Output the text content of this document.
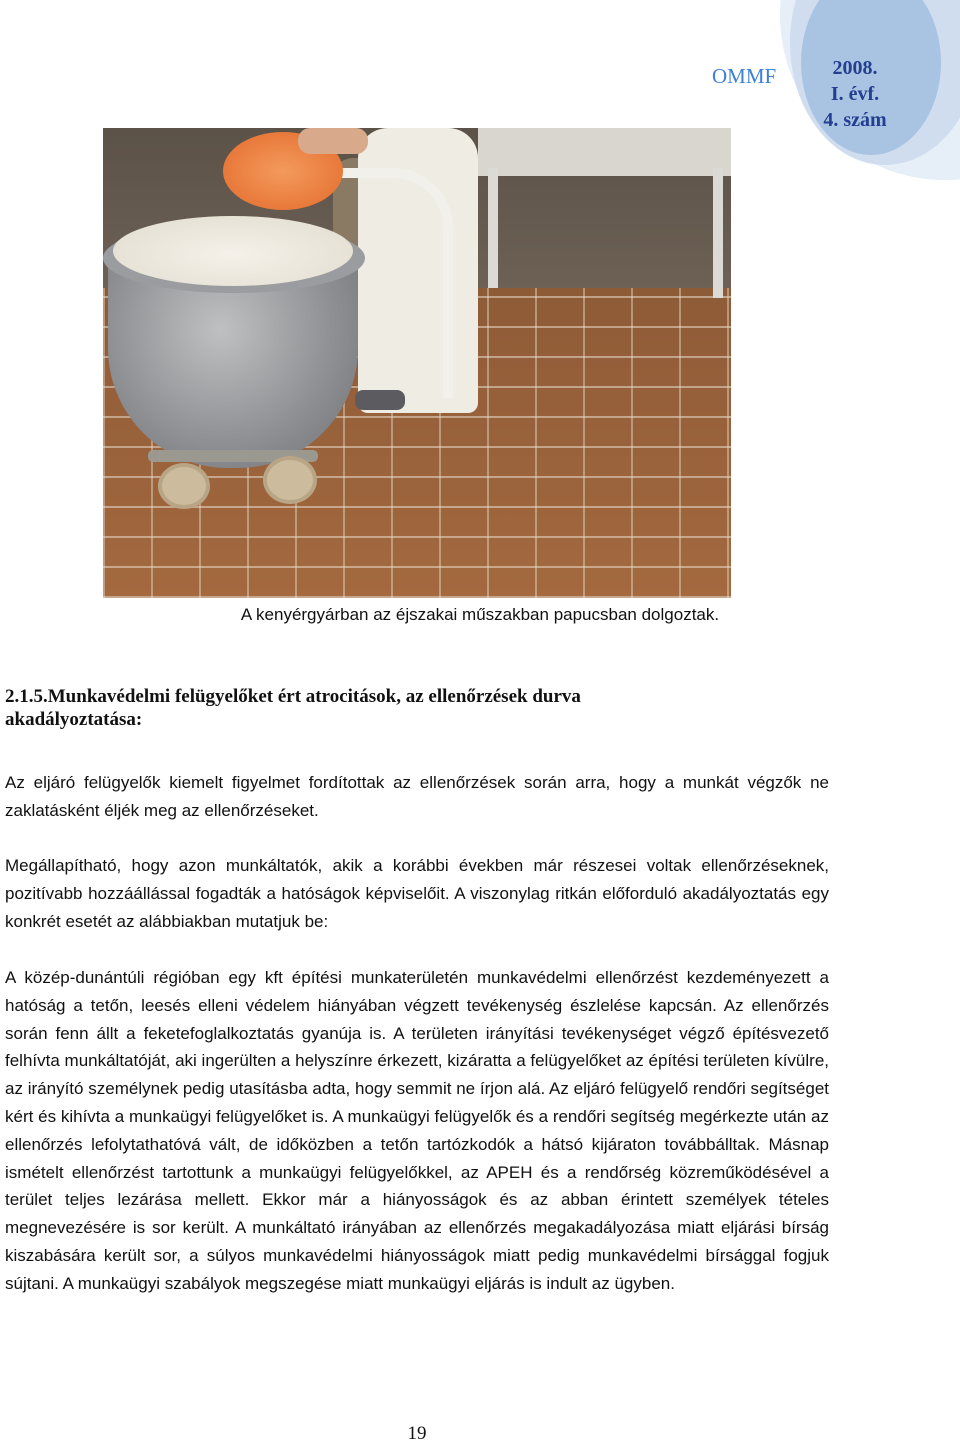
OMMF	2008.
I. évf.
4. szám
A kenyérgyárban az éjszakai műszakban papucsban dolgoztak.
2.1.5.Munkavédelmi felügyelőket ért atrocitások, az ellenőrzések durva akadályoztatása:

Az eljáró felügyelők kiemelt figyelmet fordítottak az ellenőrzések során arra, hogy a munkát végzők ne zaklatásként éljék meg az ellenőrzéseket.

Megállapítható, hogy azon munkáltatók, akik a korábbi években már részesei voltak ellenőrzéseknek, pozitívabb hozzáállással fogadták a hatóságok képviselőit. A viszonylag ritkán előforduló akadályoztatás egy konkrét esetét az alábbiakban mutatjuk be:

A közép-dunántúli régióban egy kft építési munkaterületén munkavédelmi ellenőrzést kezdeményezett a hatóság a tetőn, leesés elleni védelem hiányában végzett tevékenység észlelése kapcsán. Az ellenőrzés során fenn állt a feketefoglalkoztatás gyanúja is. A területen irányítási tevékenységet végző építésvezető felhívta munkáltatóját, aki ingerülten a helyszínre érkezett, kizáratta a felügyelőket az építési területen kívülre, az irányító személynek pedig utasításba adta, hogy semmit ne írjon alá. Az eljáró felügyelő rendőri segítséget kért és kihívta a munkaügyi felügyelőket is. A munkaügyi felügyelők és a rendőri segítség megérkezte után az ellenőrzés lefolytathatóvá vált, de időközben a tetőn tartózkodók a hátsó kijáraton továbbálltak. Másnap ismételt ellenőrzést tartottunk a munkaügyi felügyelőkkel, az APEH és a rendőrség közreműködésével a terület teljes lezárása mellett. Ekkor már a hiányosságok és az abban érintett személyek tételes megnevezésére is sor került. A munkáltató irányában az ellenőrzés megakadályozása miatt eljárási bírság kiszabására került sor, a súlyos munkavédelmi hiányosságok miatt pedig munkavédelmi bírsággal fogjuk sújtani. A munkaügyi szabályok megszegése miatt munkaügyi eljárás is indult az ügyben.

19
